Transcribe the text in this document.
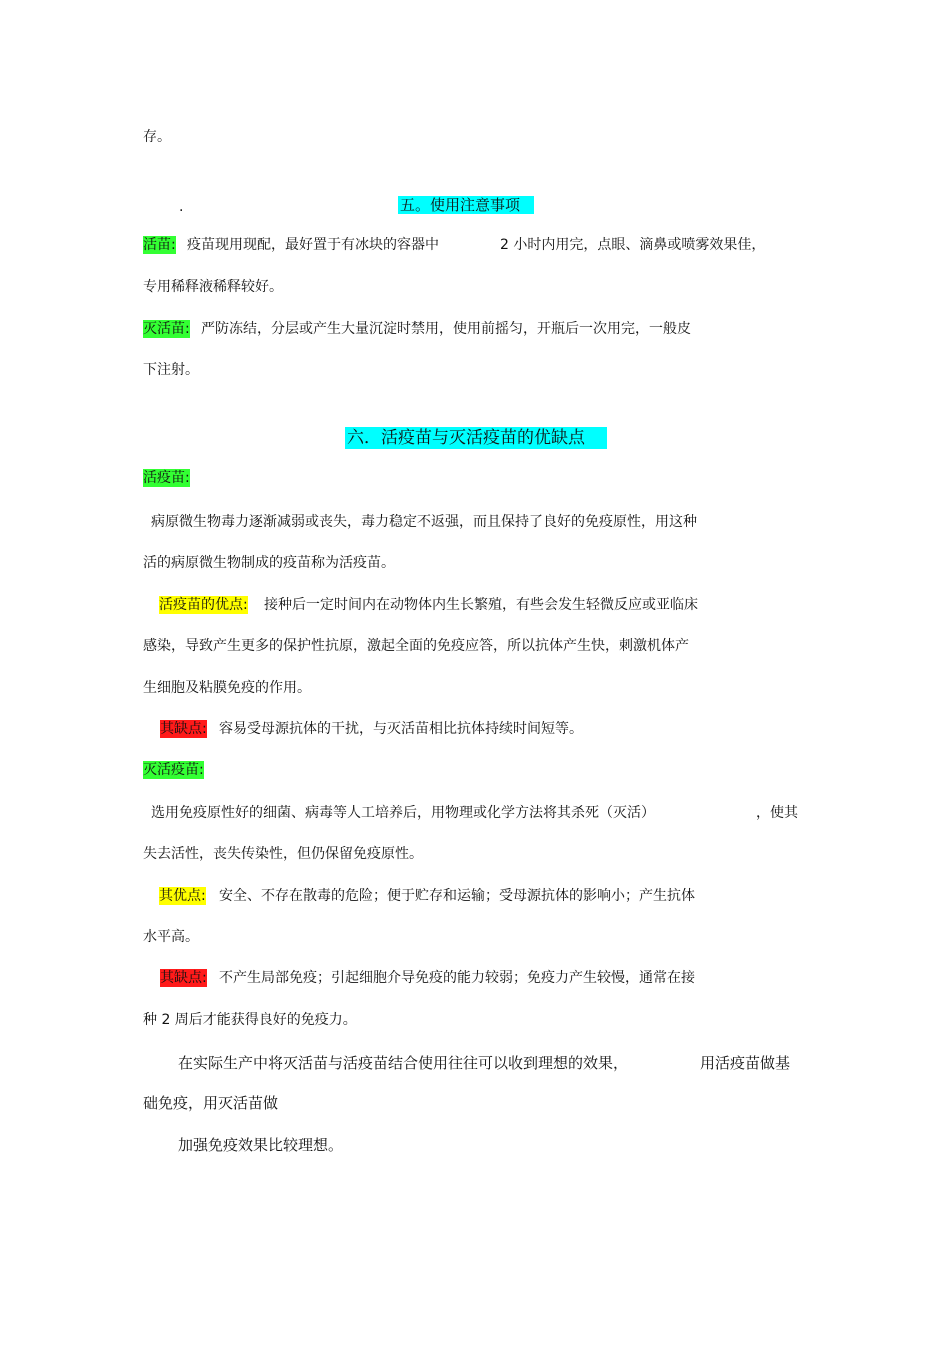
存。
.	五。使用注意事项
活苗: 疫苗现用现配，最好置于有冰块的容器中	2 小时内用完，点眼、滴鼻或喷雾效果佳，
专用稀释液稀释较好。
灭活苗: 严防冻结，分层或产生大量沉淀时禁用，使用前摇匀，开瓶后一次用完，一般皮
下注射。
六．活疫苗与灭活疫苗的优缺点
活疫苗:
病原微生物毒力逐渐减弱或丧失，毒力稳定不返强，而且保持了良好的免疫原性，用这种
活的病原微生物制成的疫苗称为活疫苗。
活疫苗的优点: 接种后一定时间内在动物体内生长繁殖，有些会发生轻微反应或亚临床
感染，导致产生更多的保护性抗原，激起全面的免疫应答，所以抗体产生快，刺激机体产
生细胞及粘膜免疫的作用。
其缺点: 容易受母源抗体的干扰，与灭活苗相比抗体持续时间短等。
灭活疫苗:
选用免疫原性好的细菌、病毒等人工培养后，用物理或化学方法将其杀死（灭活）	，使其
失去活性，丧失传染性，但仍保留免疫原性。
其优点: 安全、不存在散毒的危险；便于贮存和运输；受母源抗体的影响小；产生抗体
水平高。
其缺点: 不产生局部免疫；引起细胞介导免疫的能力较弱；免疫力产生较慢，通常在接
种 2 周后才能获得良好的免疫力。
在实际生产中将灭活苗与活疫苗结合使用往往可以收到理想的效果，	用活疫苗做基
础免疫，用灭活苗做
加强免疫效果比较理想。
